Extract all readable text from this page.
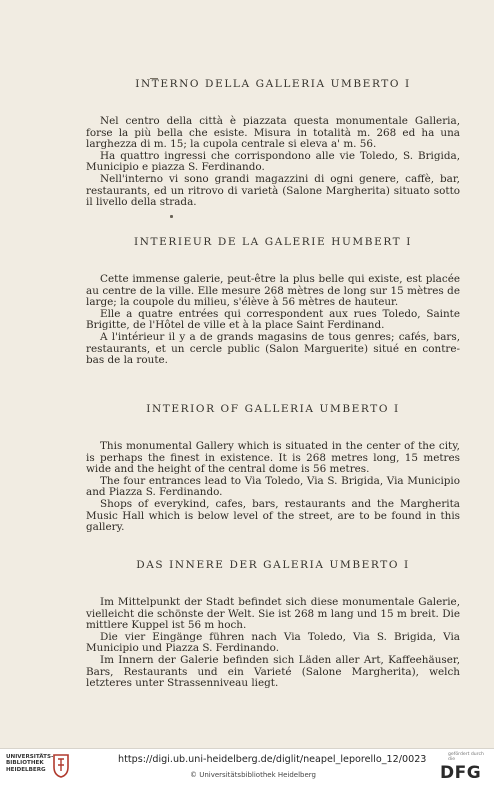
INTERNO DELLA GALLERIA UMBERTO I

Nel centro della città è piazzata questa monumentale Galleria, forse la più bella che esiste. Misura in totalità m. 268 ed ha una larghezza di m. 15; la cupola centrale si eleva a' m. 56.

Ha quattro ingressi che corrispondono alle vie Toledo, S. Brigida, Municipio e piazza S. Ferdinando.

Nell'interno vi sono grandi magazzini di ogni genere, caffè, bar, restaurants, ed un ritrovo di varietà (Salone Margherita) situato sotto il livello della strada.

INTERIEUR DE LA GALERIE HUMBERT I

Cette immense galerie, peut-être la plus belle qui existe, est placée au centre de la ville. Elle mesure 268 mètres de long sur 15 mètres de large; la coupole du milieu, s'élève à 56 mètres de hauteur.

Elle a quatre entrées qui correspondent aux rues Toledo, Sainte Brigitte, de l'Hôtel de ville et à la place Saint Ferdinand.

A l'intérieur il y a de grands magasins de tous genres; cafés, bars, restaurants, et un cercle public (Salon Marguerite) situé en contre-bas de la route.

INTERIOR OF GALLERIA UMBERTO I

This monumental Gallery which is situated in the center of the city, is perhaps the finest in existence. It is 268 metres long, 15 metres wide and the height of the central dome is 56 metres.

The four entrances lead to Via Toledo, Via S. Brigida, Via Municipio and Piazza S. Ferdinando.

Shops of everykind, cafes, bars, restaurants and the Margherita Music Hall which is below level of the street, are to be found in this gallery.

DAS INNERE DER GALERIA UMBERTO I

Im Mittelpunkt der Stadt befindet sich diese monumentale Galerie, vielleicht die schönste der Welt. Sie ist 268 m lang und 15 m breit. Die mittlere Kuppel ist 56 m hoch.

Die vier Eingänge führen nach Via Toledo, Via S. Brigida, Via Municipio und Piazza S. Ferdinando.

Im Innern der Galerie befinden sich Läden aller Art, Kaffeehäuser, Bars, Restaurants und ein Varieté (Salone Margherita), welch letzteres unter Strassenniveau liegt.

UNIVERSITÄTS-
BIBLIOTHEK
HEIDELBERG
https://digi.ub.uni-heidelberg.de/diglit/neapel_leporello_12/0023
© Universitätsbibliothek Heidelberg
gefördert durch
die
DFG
